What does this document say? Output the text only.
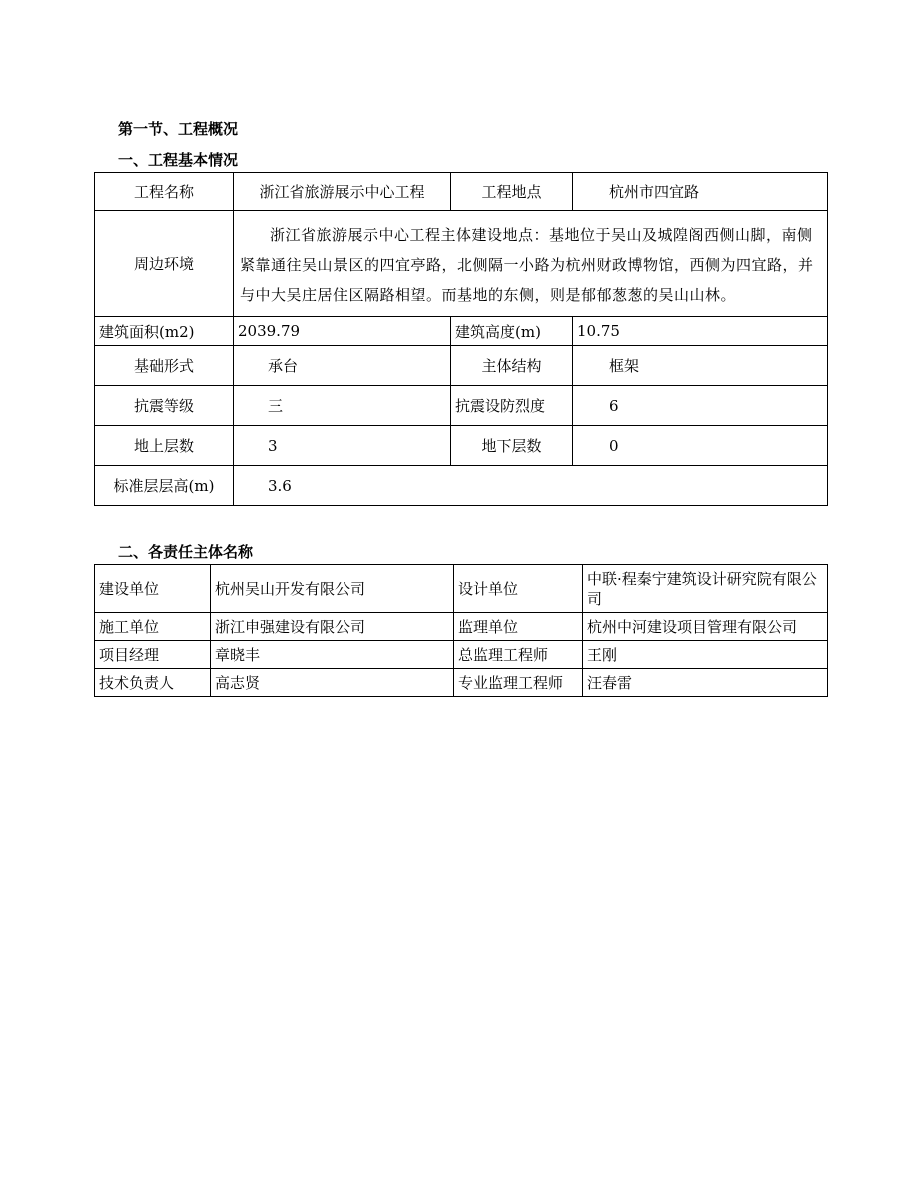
第一节、工程概况
一、工程基本情况
工程名称	浙江省旅游展示中心工程	工程地点	杭州市四宜路
周边环境	浙江省旅游展示中心工程主体建设地点：基地位于吴山及城隍阁西侧山脚，南侧紧靠通往吴山景区的四宜亭路，北侧隔一小路为杭州财政博物馆，西侧为四宜路，并与中大吴庄居住区隔路相望。而基地的东侧，则是郁郁葱葱的吴山山林。		
建筑面积(m2)	2039.79	建筑高度(m)	10.75
基础形式	承台	主体结构	框架
抗震等级	三	抗震设防烈度	6
地上层数	3	地下层数	0
标准层层高(m)	3.6		
二、各责任主体名称
建设单位	杭州吴山开发有限公司	设计单位	中联·程秦宁建筑设计研究院有限公司
施工单位	浙江申强建设有限公司	监理单位	杭州中河建设项目管理有限公司
项目经理	章晓丰	总监理工程师	王刚
技术负责人	高志贤	专业监理工程师	汪春雷
